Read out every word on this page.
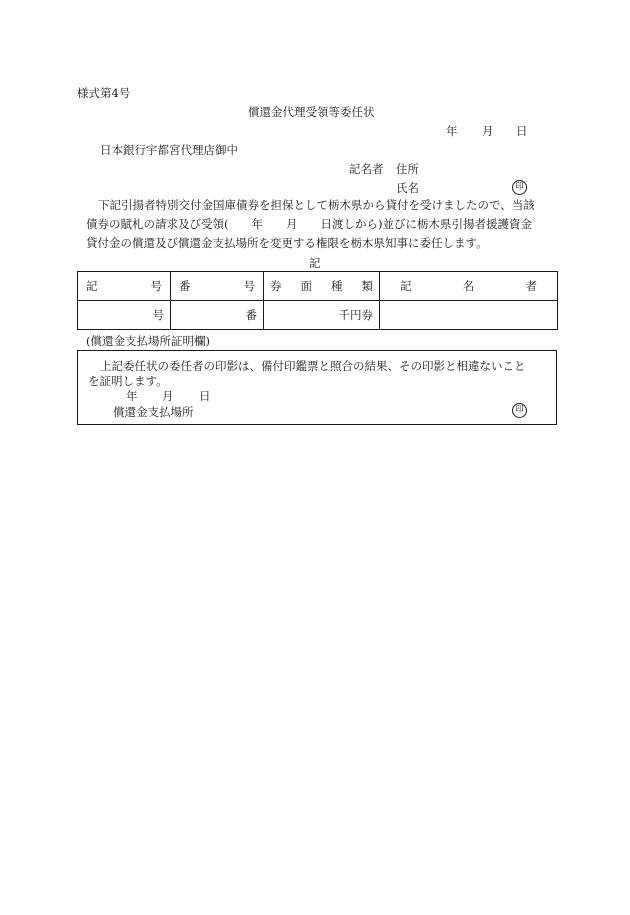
様式第4号
償還金代理受領等委任状
年 月 日
日本銀行宇都宮代理店御中
記名者 住所
氏名	印
下記引揚者特別交付金国庫債券を担保として栃木県から貸付を受けましたので、当該
債券の賦札の請求及び受領(　　年　　月　　日渡しから)並びに栃木県引揚者援護資金
貸付金の償還及び償還金支払場所を変更する権限を栃木県知事に委任します。
記
記 号	番 号	券 面 種 類	記 名 者

号	番	千円券	
(償還金支払場所証明欄)
上記委任状の委任者の印影は、備付印鑑票と照合の結果、その印影と相違ないこと
を証明します。
年 月 日
償還金支払場所	印
